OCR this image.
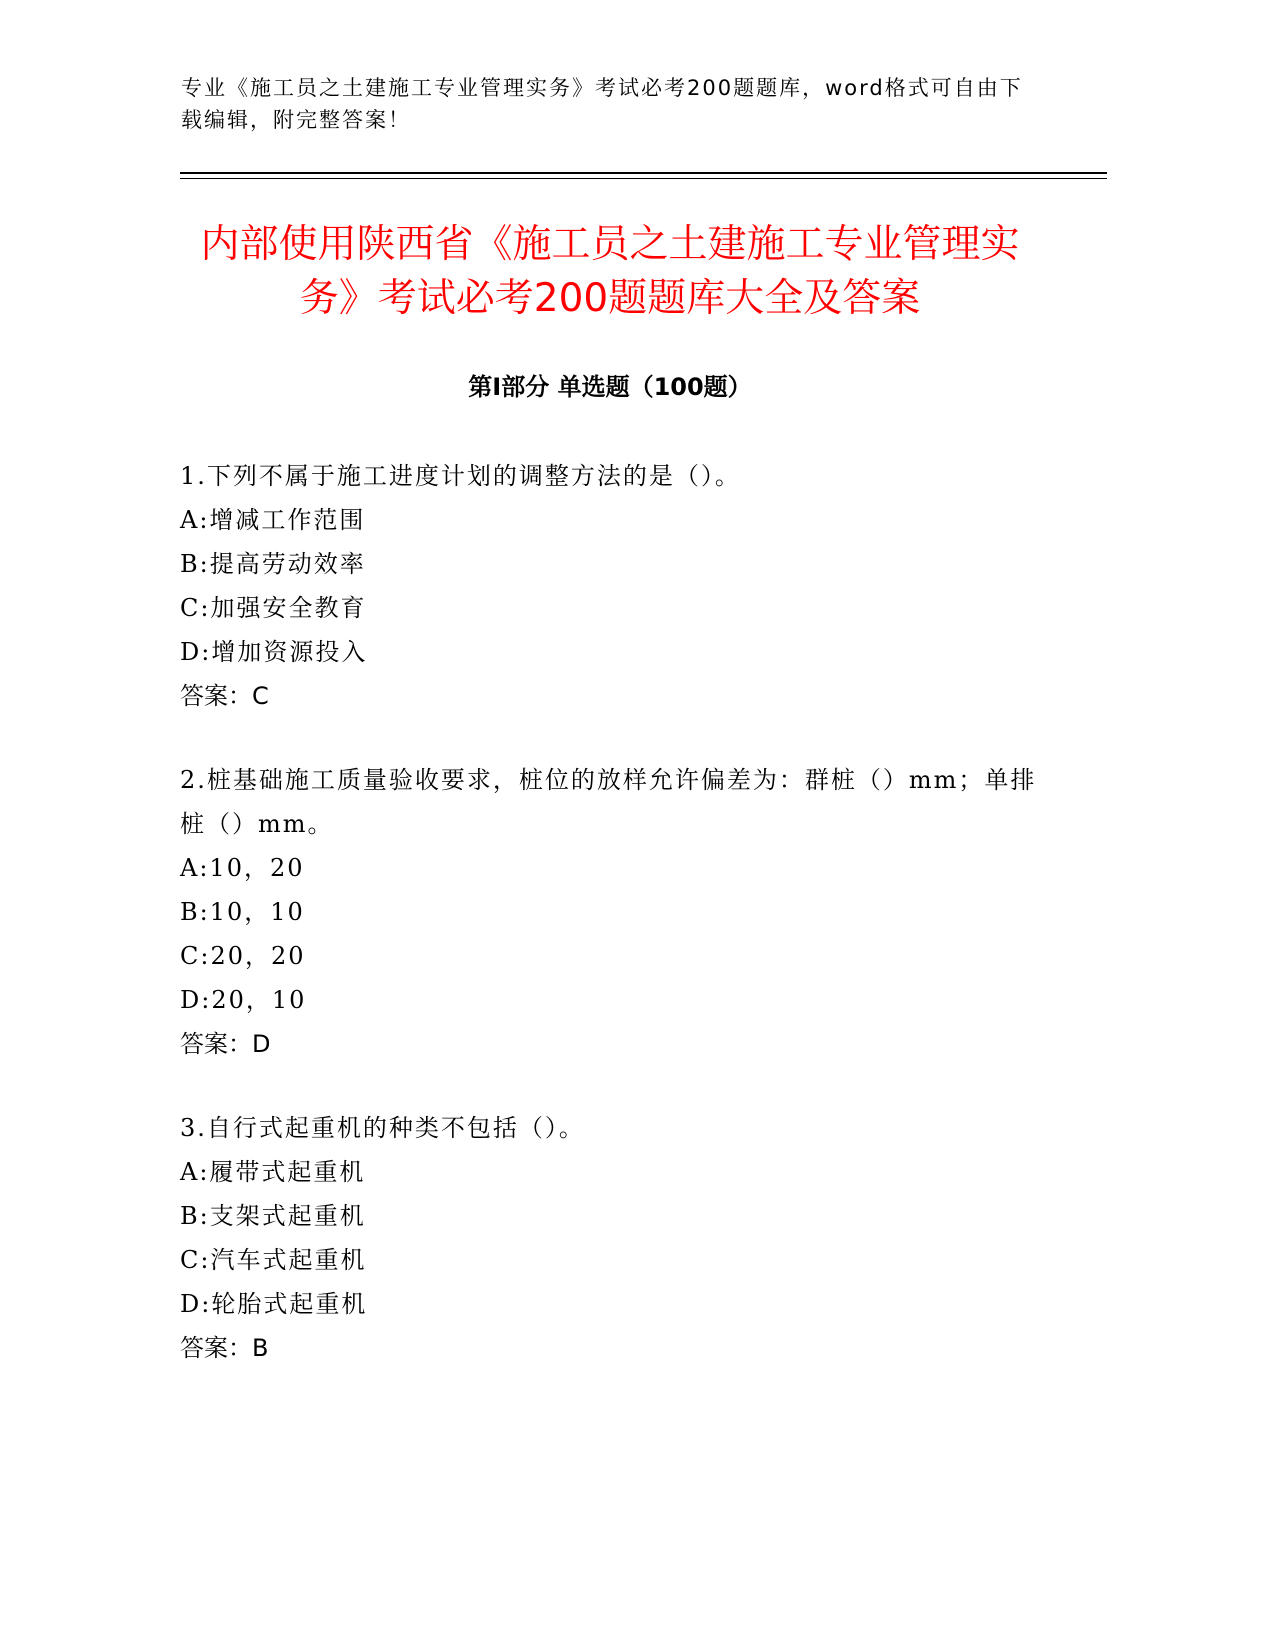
专业《施工员之土建施工专业管理实务》考试必考200题题库，word格式可自由下载编辑，附完整答案！
内部使用陕西省《施工员之土建施工专业管理实务》考试必考200题题库大全及答案
第Ⅰ部分 单选题（100题）

1.下列不属于施工进度计划的调整方法的是（）。

A:增减工作范围

B:提高劳动效率

C:加强安全教育

D:增加资源投入

答案：C

2.桩基础施工质量验收要求，桩位的放样允许偏差为：群桩（）mm；单排桩（）mm。

A:10，20

B:10，10

C:20，20

D:20，10

答案：D

3.自行式起重机的种类不包括（）。

A:履带式起重机

B:支架式起重机

C:汽车式起重机

D:轮胎式起重机

答案：B
